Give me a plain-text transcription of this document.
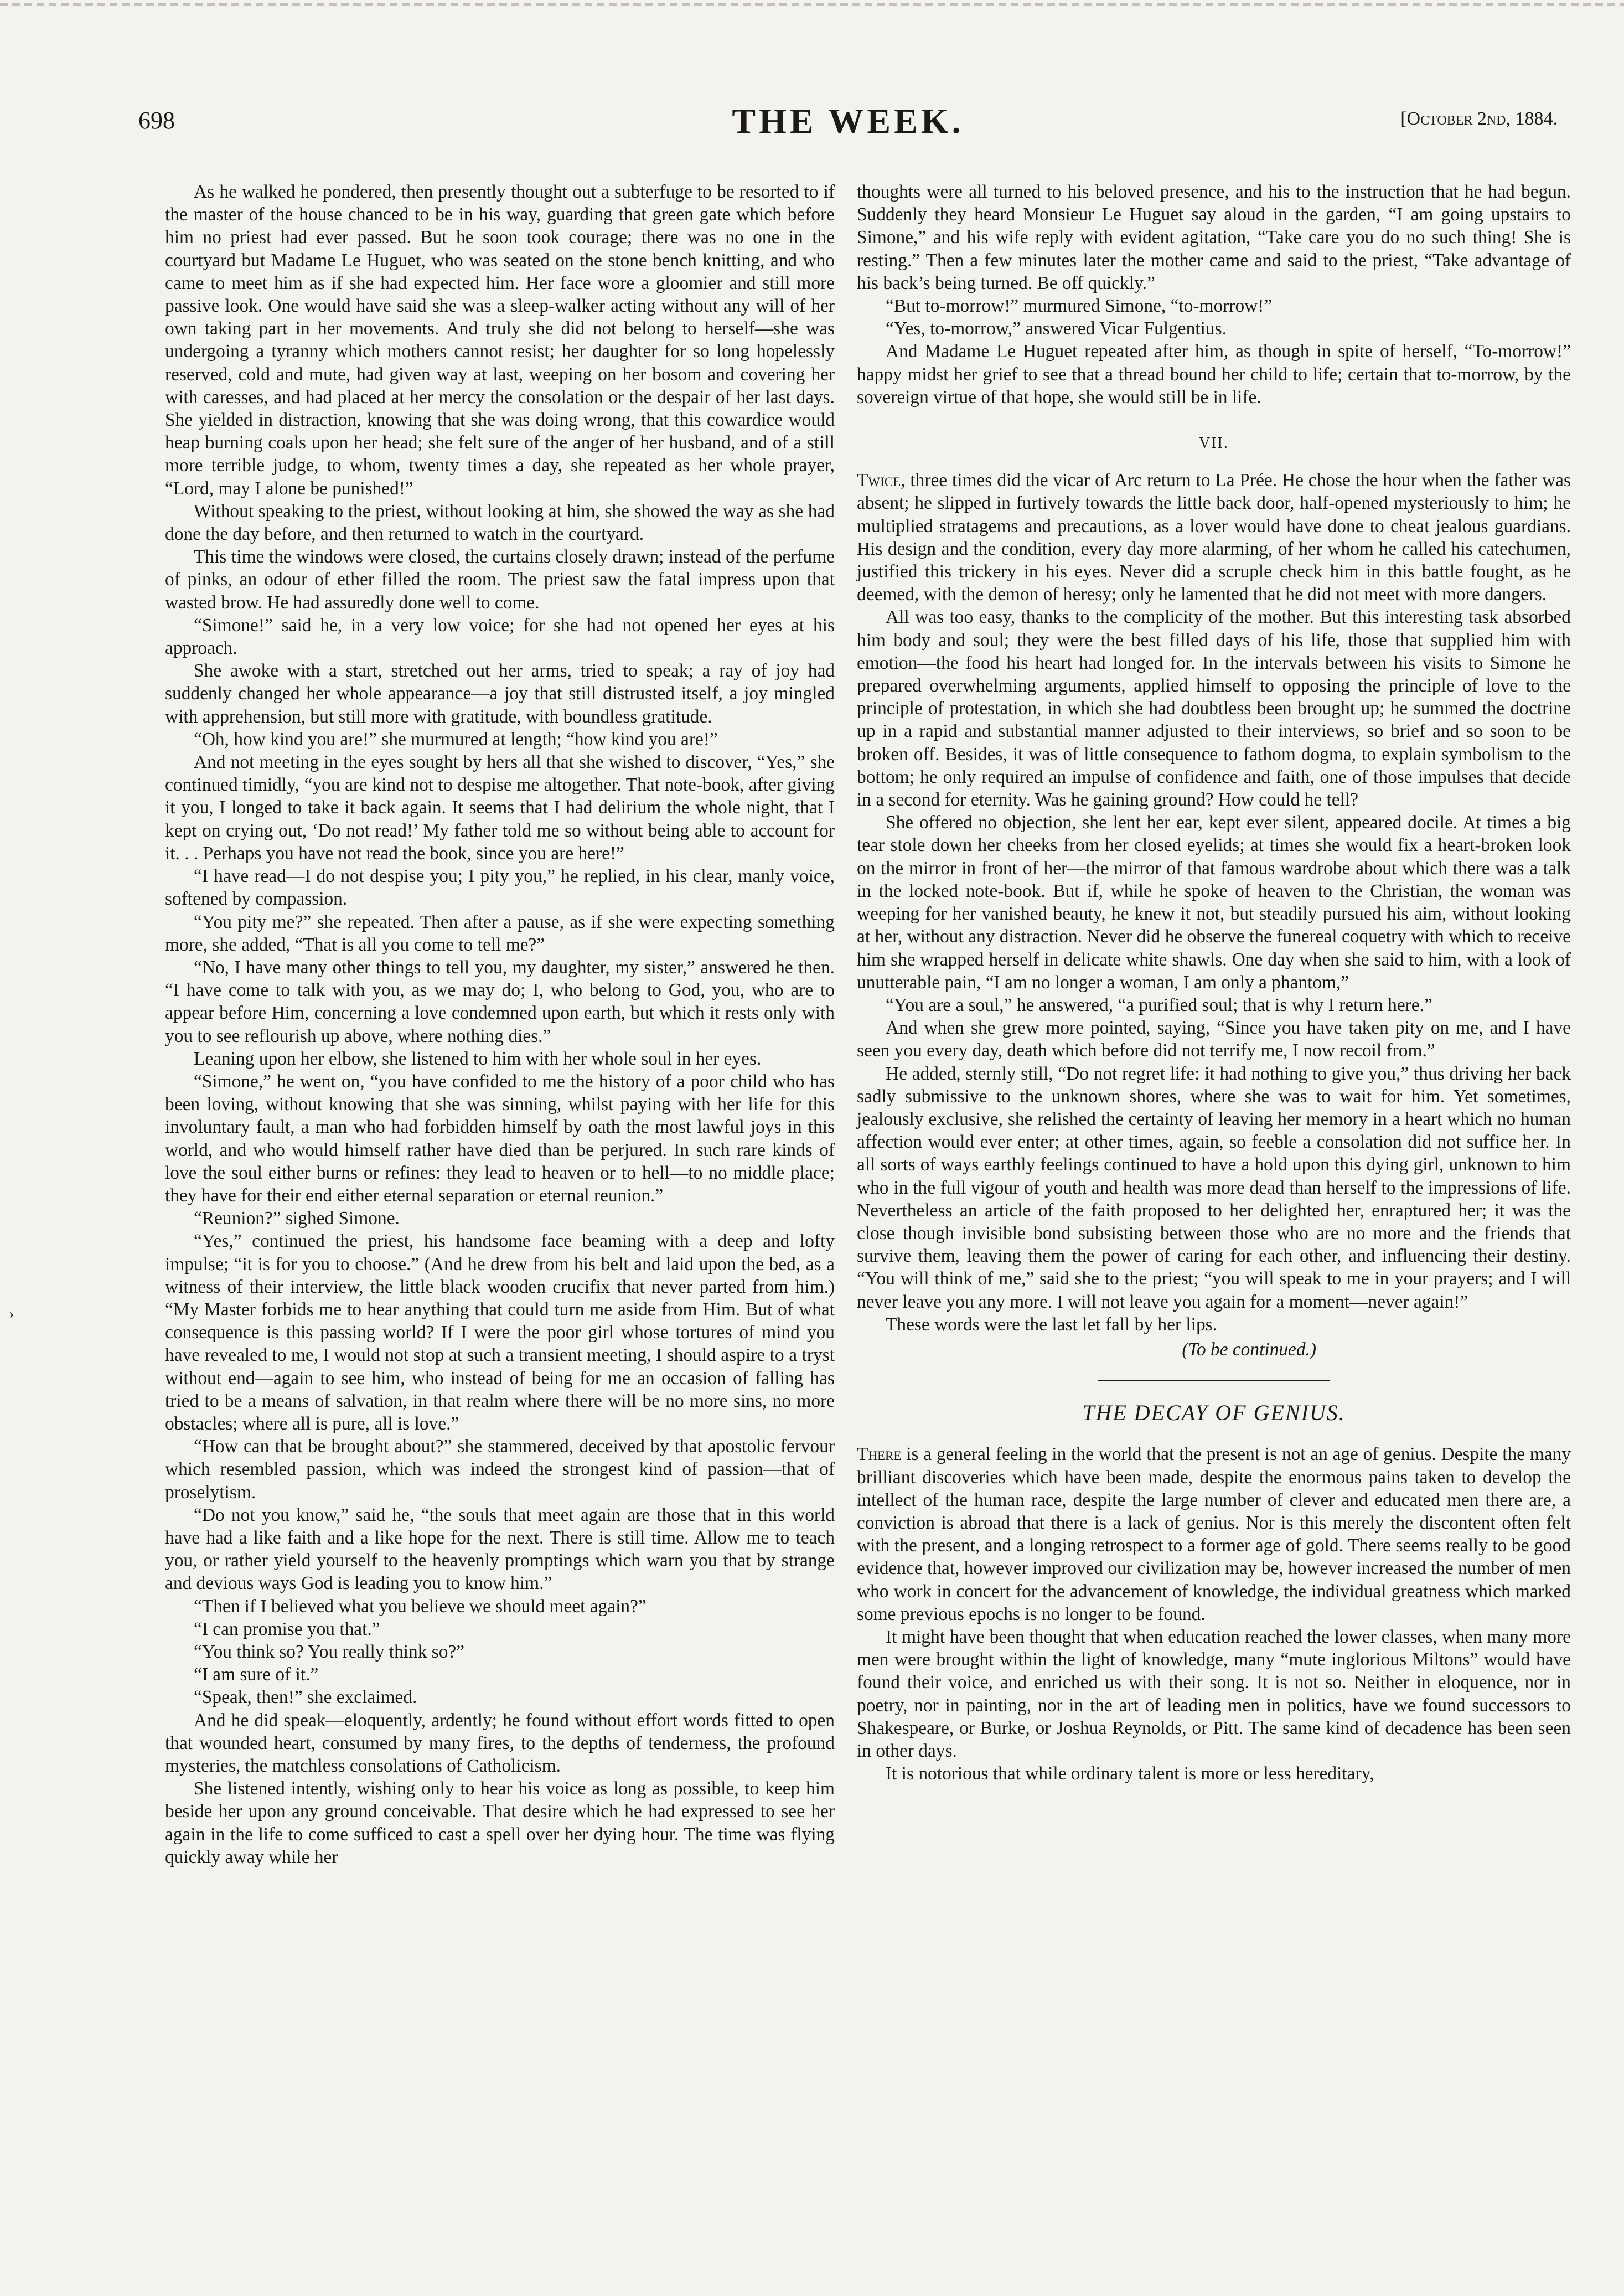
698	THE WEEK.	[October 2nd, 1884.
›

As he walked he pondered, then presently thought out a subterfuge to be resorted to if the master of the house chanced to be in his way, guarding that green gate which before him no priest had ever passed. But he soon took courage; there was no one in the courtyard but Madame Le Huguet, who was seated on the stone bench knitting, and who came to meet him as if she had expected him. Her face wore a gloomier and still more passive look. One would have said she was a sleep-walker acting without any will of her own taking part in her movements. And truly she did not belong to herself—she was undergoing a tyranny which mothers cannot resist; her daughter for so long hopelessly reserved, cold and mute, had given way at last, weeping on her bosom and covering her with caresses, and had placed at her mercy the consolation or the despair of her last days. She yielded in distraction, knowing that she was doing wrong, that this cowardice would heap burning coals upon her head; she felt sure of the anger of her husband, and of a still more terrible judge, to whom, twenty times a day, she repeated as her whole prayer, “Lord, may I alone be punished!”

Without speaking to the priest, without looking at him, she showed the way as she had done the day before, and then returned to watch in the courtyard.

This time the windows were closed, the curtains closely drawn; instead of the perfume of pinks, an odour of ether filled the room. The priest saw the fatal impress upon that wasted brow. He had assuredly done well to come.

“Simone!” said he, in a very low voice; for she had not opened her eyes at his approach.

She awoke with a start, stretched out her arms, tried to speak; a ray of joy had suddenly changed her whole appearance—a joy that still distrusted itself, a joy mingled with apprehension, but still more with gratitude, with boundless gratitude.

“Oh, how kind you are!” she murmured at length; “how kind you are!”

And not meeting in the eyes sought by hers all that she wished to discover, “Yes,” she continued timidly, “you are kind not to despise me altogether. That note-book, after giving it you, I longed to take it back again. It seems that I had delirium the whole night, that I kept on crying out, ‘Do not read!’ My father told me so without being able to account for it. . . Perhaps you have not read the book, since you are here!”

“I have read—I do not despise you; I pity you,” he replied, in his clear, manly voice, softened by compassion.

“You pity me?” she repeated. Then after a pause, as if she were expecting something more, she added, “That is all you come to tell me?”

“No, I have many other things to tell you, my daughter, my sister,” answered he then. “I have come to talk with you, as we may do; I, who belong to God, you, who are to appear before Him, concerning a love condemned upon earth, but which it rests only with you to see reflourish up above, where nothing dies.”

Leaning upon her elbow, she listened to him with her whole soul in her eyes.

“Simone,” he went on, “you have confided to me the history of a poor child who has been loving, without knowing that she was sinning, whilst paying with her life for this involuntary fault, a man who had forbidden himself by oath the most lawful joys in this world, and who would himself rather have died than be perjured. In such rare kinds of love the soul either burns or refines: they lead to heaven or to hell—to no middle place; they have for their end either eternal separation or eternal reunion.”

“Reunion?” sighed Simone.

“Yes,” continued the priest, his handsome face beaming with a deep and lofty impulse; “it is for you to choose.” (And he drew from his belt and laid upon the bed, as a witness of their interview, the little black wooden crucifix that never parted from him.) “My Master forbids me to hear anything that could turn me aside from Him. But of what consequence is this passing world? If I were the poor girl whose tortures of mind you have revealed to me, I would not stop at such a transient meeting, I should aspire to a tryst without end—again to see him, who instead of being for me an occasion of falling has tried to be a means of salvation, in that realm where there will be no more sins, no more obstacles; where all is pure, all is love.”

“How can that be brought about?” she stammered, deceived by that apostolic fervour which resembled passion, which was indeed the strongest kind of passion—that of proselytism.

“Do not you know,” said he, “the souls that meet again are those that in this world have had a like faith and a like hope for the next. There is still time. Allow me to teach you, or rather yield yourself to the heavenly promptings which warn you that by strange and devious ways God is leading you to know him.”

“Then if I believed what you believe we should meet again?”

“I can promise you that.”

“You think so? You really think so?”

“I am sure of it.”

“Speak, then!” she exclaimed.

And he did speak—eloquently, ardently; he found without effort words fitted to open that wounded heart, consumed by many fires, to the depths of tenderness, the profound mysteries, the matchless consolations of Catholicism.

She listened intently, wishing only to hear his voice as long as possible, to keep him beside her upon any ground conceivable. That desire which he had expressed to see her again in the life to come sufficed to cast a spell over her dying hour. The time was flying quickly away while her

thoughts were all turned to his beloved presence, and his to the instruction that he had begun. Suddenly they heard Monsieur Le Huguet say aloud in the garden, “I am going upstairs to Simone,” and his wife reply with evident agitation, “Take care you do no such thing! She is resting.” Then a few minutes later the mother came and said to the priest, “Take advantage of his back’s being turned. Be off quickly.”

“But to-morrow!” murmured Simone, “to-morrow!”

“Yes, to-morrow,” answered Vicar Fulgentius.

And Madame Le Huguet repeated after him, as though in spite of herself, “To-morrow!” happy midst her grief to see that a thread bound her child to life; certain that to-morrow, by the sovereign virtue of that hope, she would still be in life.

VII.

Twice, three times did the vicar of Arc return to La Prée. He chose the hour when the father was absent; he slipped in furtively towards the little back door, half-opened mysteriously to him; he multiplied stratagems and precautions, as a lover would have done to cheat jealous guardians. His design and the condition, every day more alarming, of her whom he called his catechumen, justified this trickery in his eyes. Never did a scruple check him in this battle fought, as he deemed, with the demon of heresy; only he lamented that he did not meet with more dangers.

All was too easy, thanks to the complicity of the mother. But this interesting task absorbed him body and soul; they were the best filled days of his life, those that supplied him with emotion—the food his heart had longed for. In the intervals between his visits to Simone he prepared overwhelming arguments, applied himself to opposing the principle of love to the principle of protestation, in which she had doubtless been brought up; he summed the doctrine up in a rapid and substantial manner adjusted to their interviews, so brief and so soon to be broken off. Besides, it was of little consequence to fathom dogma, to explain symbolism to the bottom; he only required an impulse of confidence and faith, one of those impulses that decide in a second for eternity. Was he gaining ground? How could he tell?

She offered no objection, she lent her ear, kept ever silent, appeared docile. At times a big tear stole down her cheeks from her closed eyelids; at times she would fix a heart-broken look on the mirror in front of her—the mirror of that famous wardrobe about which there was a talk in the locked note-book. But if, while he spoke of heaven to the Christian, the woman was weeping for her vanished beauty, he knew it not, but steadily pursued his aim, without looking at her, without any distraction. Never did he observe the funereal coquetry with which to receive him she wrapped herself in delicate white shawls. One day when she said to him, with a look of unutterable pain, “I am no longer a woman, I am only a phantom,”

“You are a soul,” he answered, “a purified soul; that is why I return here.”

And when she grew more pointed, saying, “Since you have taken pity on me, and I have seen you every day, death which before did not terrify me, I now recoil from.”

He added, sternly still, “Do not regret life: it had nothing to give you,” thus driving her back sadly submissive to the unknown shores, where she was to wait for him. Yet sometimes, jealously exclusive, she relished the certainty of leaving her memory in a heart which no human affection would ever enter; at other times, again, so feeble a consolation did not suffice her. In all sorts of ways earthly feelings continued to have a hold upon this dying girl, unknown to him who in the full vigour of youth and health was more dead than herself to the impressions of life. Nevertheless an article of the faith proposed to her delighted her, enraptured her; it was the close though invisible bond subsisting between those who are no more and the friends that survive them, leaving them the power of caring for each other, and influencing their destiny. “You will think of me,” said she to the priest; “you will speak to me in your prayers; and I will never leave you any more. I will not leave you again for a moment—never again!”

These words were the last let fall by her lips.

(To be continued.)

THE DECAY OF GENIUS.

There is a general feeling in the world that the present is not an age of genius. Despite the many brilliant discoveries which have been made, despite the enormous pains taken to develop the intellect of the human race, despite the large number of clever and educated men there are, a conviction is abroad that there is a lack of genius. Nor is this merely the discontent often felt with the present, and a longing retrospect to a former age of gold. There seems really to be good evidence that, however improved our civilization may be, however increased the number of men who work in concert for the advancement of knowledge, the individual greatness which marked some previous epochs is no longer to be found.

It might have been thought that when education reached the lower classes, when many more men were brought within the light of knowledge, many “mute inglorious Miltons” would have found their voice, and enriched us with their song. It is not so. Neither in eloquence, nor in poetry, nor in painting, nor in the art of leading men in politics, have we found successors to Shakespeare, or Burke, or Joshua Reynolds, or Pitt. The same kind of decadence has been seen in other days.

It is notorious that while ordinary talent is more or less hereditary,
